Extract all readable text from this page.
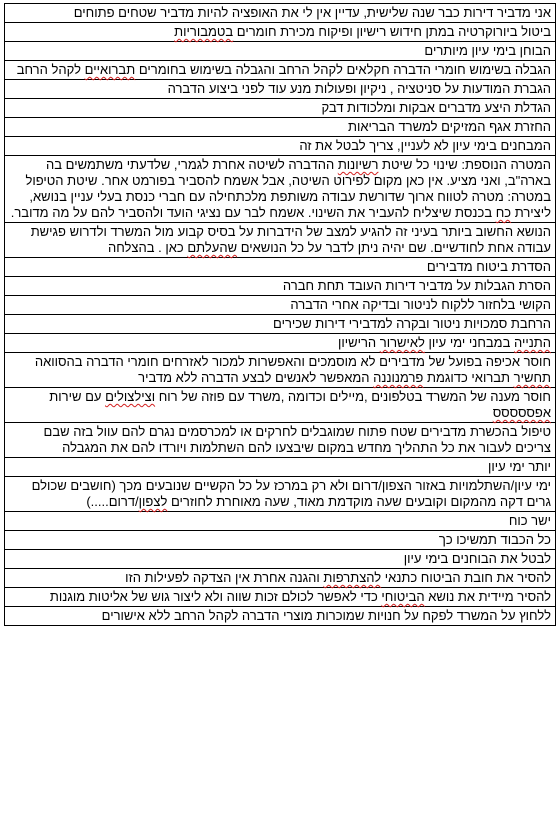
אני מדביר דירות כבר שנה שלישית, עדיין אין לי את האופציה להיות מדביר שטחים פתוחים
ביטול ביורוקרטיה במתן חידוש רישיון ופיקוח מכירת חומרים בטמבוריות
הבוחן בימי עיון מיותרים
הגבלה בשימוש חומרי הדברה חקלאים לקהל הרחב והגבלה בשימוש בחומרים תברואיים לקהל הרחב
הגברת המודעות על סניטציה , ניקיון ופעולות מנע עוד לפני ביצוע הדברה
הגדלת היצע מדברים אבקות ומלכודות דבק
החזרת אגף המזיקים למשרד הבריאות
המבחנים בימי עיון לא לעניין, צריך לבטל את זה
המטרה הנוספת: שינוי כל שיטת רשיונות ההדברה לשיטה אחרת לגמרי, שלדעתי משתמשים בה בארה"ב, ואני מציע. אין כאן מקום לפירוט השיטה, אבל אשמח להסביר בפורמט אחר. שיטת הטיפול במטרה: מטרה לטווח ארוך שדורשת עבודה משותפת מלכתחילה עם חברי כנסת בעלי עניין בנושא, ליצירת כח בכנסת שיצליח להעביר את השינוי. אשמח לבר עם נציגי הועד ולהסביר להם על מה מדובר.
הנושא החשוב ביותר בעיני זה להגיע למצב של הידברות על בסיס קבוע מול המשרד ולדרוש פגישת עבודה אחת לחודשיים. שם יהיה ניתן לדבר על כל הנושאים שהעלתם כאן . בהצלחה
הסדרת ביטוח מדבירים
הסרת הגבלות על מדביר דירות העובד תחת חברה
הקושי בלחזור ללקוח לניטור ובדיקה אחרי הדברה
הרחבת סמכויות ניטור ובקרה למדבירי דירות שכירים
התנייה במבחני ימי עיון לאישרור הרישיון
חוסר אכיפה בפועל של מדבירים לא מוסמכים והאפשרות למכור לאזרחים חומרי הדברה בהסוואה תחשיר תברואי כדוגמת פרמנוננה המאפשר לאנשים לבצע הדברה ללא מדביר
חוסר מענה של המשרד בטלפונים ,מיילים וכדומה ,משרד עם פוזה של רוח וצילצולים עם שירות אפססססס
טיפול בהכשרת מדבירים שטח פתוח שמוגבלים לחרקים או למכרסמים נגרם להם עוול בזה שבם צריכים לעבור את כל התהליך מחדש במקום שיבצעו להם השתלמות ויורדו להם את המגבלה
יותר ימי עיון
ימי עיון/השתלמויות באזור הצפון/דרום ולא רק במרכז על כל הקשיים שנובעים מכך (חושבים שכולם גרים דקה מהמקום וקובעים שעה מוקדמת מאוד, שעה מאוחרת לחוזרים לצפון/דרום.....)
ישר כוח
כל הכבוד תמשיכו כך
לבטל את הבוחנים בימי עיון
להסיר את חובת הביטוח כתנאי להצתרפות והגנה אחרת אין הצדקה לפעילות הזו
להסיר מיידית את נושא הביטוחי כדי לאפשר לכולם זכות שווה ולא ליצור גוש של אליטות מוגנות
ללחוץ על המשרד לפקח על חנויות שמוכרות מוצרי הדברה לקהל הרחב ללא אישורים
